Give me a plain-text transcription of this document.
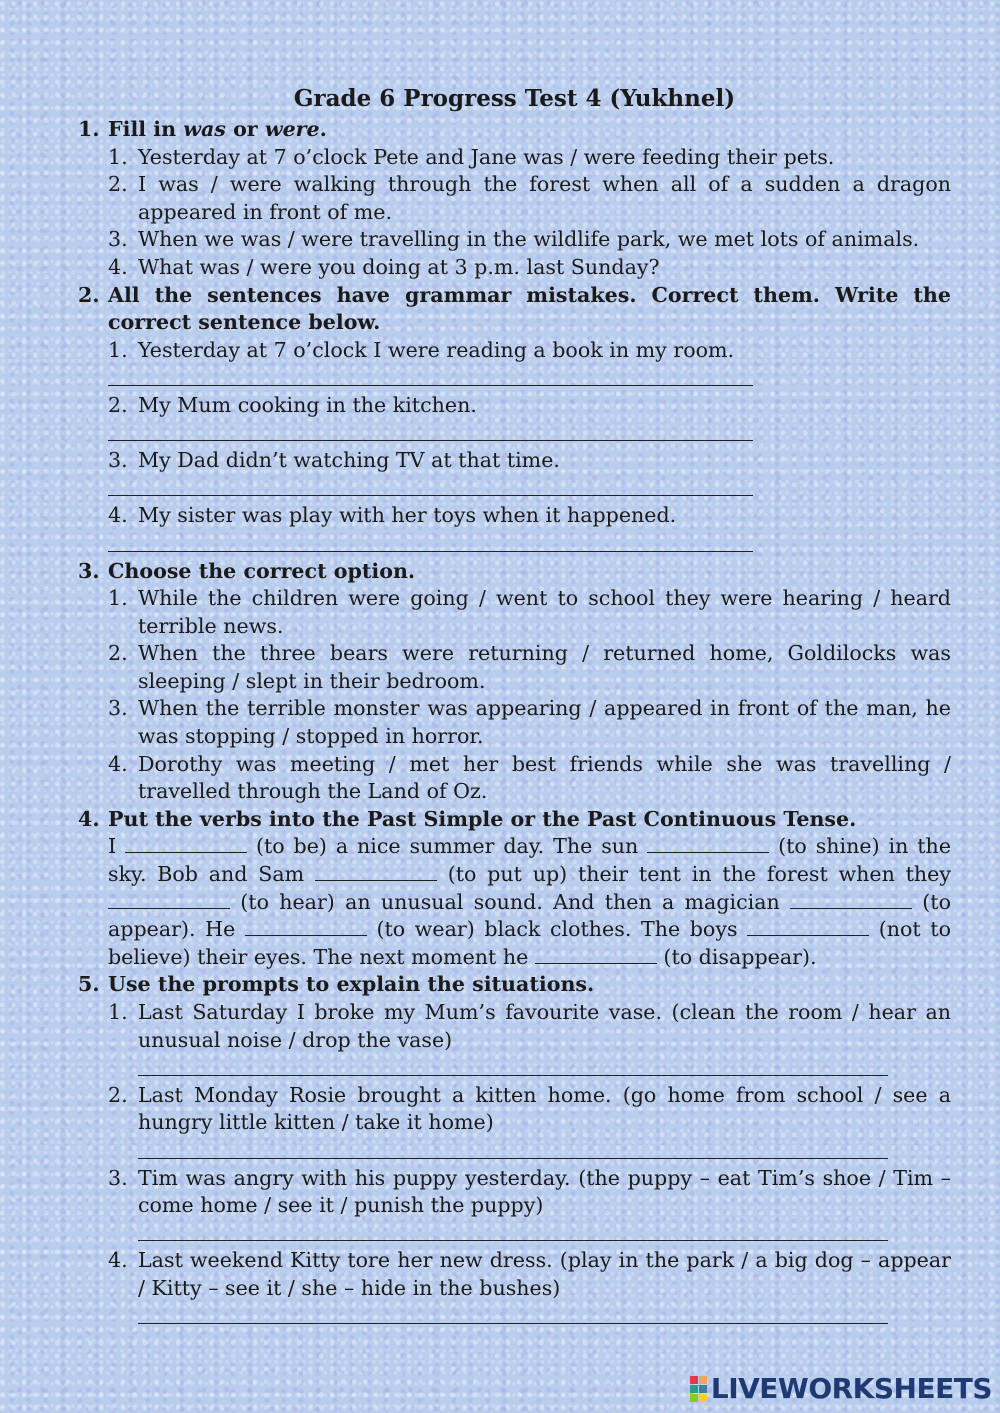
Grade 6 Progress Test 4 (Yukhnel)
1. Fill in was or were.
1. Yesterday at 7 o’clock Pete and Jane was / were feeding their pets.
2. I was / were walking through the forest when all of a sudden a dragon appeared in front of me.
3. When we was / were travelling in the wildlife park, we met lots of animals.
4. What was / were you doing at 3 p.m. last Sunday?
2. All the sentences have grammar mistakes. Correct them. Write the correct sentence below.
1. Yesterday at 7 o’clock I were reading a book in my room.
2. My Mum cooking in the kitchen.
3. My Dad didn’t watching TV at that time.
4. My sister was play with her toys when it happened.
3. Choose the correct option.
1. While the children were going / went to school they were hearing / heard terrible news.
2. When the three bears were returning / returned home, Goldilocks was sleeping / slept in their bedroom.
3. When the terrible monster was appearing / appeared in front of the man, he was stopping / stopped in horror.
4. Dorothy was meeting / met her best friends while she was travelling / travelled through the Land of Oz.
4. Put the verbs into the Past Simple or the Past Continuous Tense.
I	(to be) a nice summer day. The sun	(to shine) in the sky. Bob and Sam	(to put up) their tent in the forest when they  (to hear) an unusual sound. And then a magician	(to appear). He	(to wear) black clothes. The boys	(not to believe) their eyes. The next moment he	(to disappear).
5. Use the prompts to explain the situations.
1. Last Saturday I broke my Mum’s favourite vase. (clean the room / hear an unusual noise / drop the vase)
2. Last Monday Rosie brought a kitten home. (go home from school / see a hungry little kitten / take it home)
3. Tim was angry with his puppy yesterday. (the puppy – eat Tim’s shoe / Tim – come home / see it / punish the puppy)
4. Last weekend Kitty tore her new dress. (play in the park / a big dog – appear / Kitty – see it / she – hide in the bushes)
LIVEWORKSHEETS
